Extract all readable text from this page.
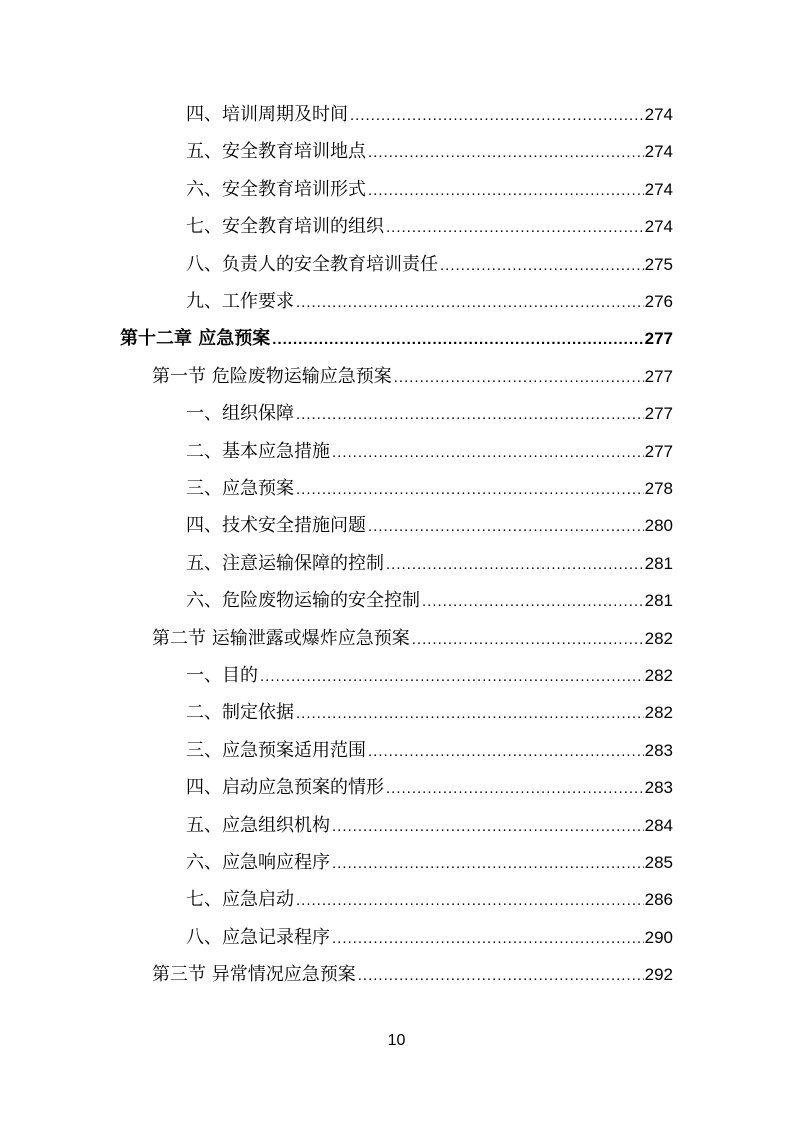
四、培训周期及时间 .....	274
五、安全教育培训地点 .....	274
六、安全教育培训形式 .....	274
七、安全教育培训的组织 .....	274
八、负责人的安全教育培训责任 .....	275
九、工作要求 .....	276
第十二章 应急预案 .....	277
第一节 危险废物运输应急预案 .....	277
一、组织保障 .....	277
二、基本应急措施 .....	277
三、应急预案 .....	278
四、技术安全措施问题 .....	280
五、注意运输保障的控制 .....	281
六、危险废物运输的安全控制 .....	281
第二节 运输泄露或爆炸应急预案 .....	282
一、目的 .....	282
二、制定依据 .....	282
三、应急预案适用范围 .....	283
四、启动应急预案的情形 .....	283
五、应急组织机构 .....	284
六、应急响应程序 .....	285
七、应急启动 .....	286
八、应急记录程序 .....	290
第三节 异常情况应急预案 .....	292
10
